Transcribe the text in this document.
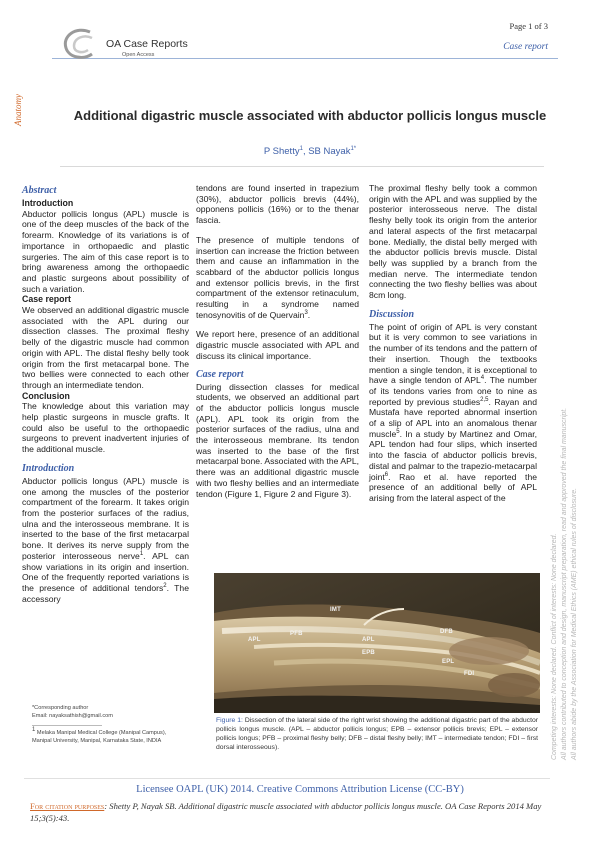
Page 1 of 3
Case report
OA Case Reports
Open Access
Anatomy	Additional digastric muscle associated with abductor pollicis longus muscle
P Shetty$^1$, SB Nayak$^{1*}$
Abstract
Introduction

Abductor pollicis longus (APL) muscle is one of the deep muscles of the back of the forearm. Knowledge of its variations is of importance in orthopaedic and plastic surgeries. The aim of this case report is to bring awareness among the orthopaedic and plastic surgeons about possibility of such a variation.

Case report

We observed an additional digastric muscle associated with the APL during our dissection classes. The proximal fleshy belly of the digastric muscle had common origin with APL. The distal fleshy belly took origin from the first metacarpal bone. The two bellies were connected to each other through an intermediate tendon.

Conclusion

The knowledge about this variation may help plastic surgeons in muscle grafts. It could also be useful to the orthopaedic surgeons to prevent inadvertent injuries of the additional muscle.

Introduction

Abductor pollicis longus (APL) muscle is one among the muscles of the posterior compartment of the forearm. It takes origin from the posterior surfaces of the radius, ulna and the interosseous membrane. It is inserted to the base of the first metacarpal bone. It derives its nerve supply from the posterior interosseous nerve$^1$. APL can show variations in its origin and insertion. One of the frequently reported variations is the presence of additional tendors$^2$. The accessory

*Corresponding author
Email: nayaksathish@gmail.com
$^1$ Melaka Manipal Medical College (Manipal Campus), Manipal University, Manipal, Karnataka State, INDIA

tendons are found inserted in trapezium (30%), abductor pollicis brevis (44%), opponens pollicis (16%) or to the thenar fascia.

The presence of multiple tendons of insertion can increase the friction between them and cause an inflammation in the scabbard of the abductor pollicis longus and extensor pollicis brevis, in the first compartment of the extensor retinaculum, resulting in a syndrome named tenosynovitis of de Quervain$^3$.

We report here, presence of an additional digastric muscle associated with APL and discuss its clinical importance.

Case report

During dissection classes for medical students, we observed an additional part of the abductor pollicis longus muscle (APL). APL took its origin from the posterior surfaces of the radius, ulna and the interosseous membrane. Its tendon was inserted to the base of the first metacarpal bone. Associated with the APL, there was an additional digastric muscle with two fleshy bellies and an intermediate tendon (Figure 1, Figure 2 and Figure 3).

The proximal fleshy belly took a common origin with the APL and was supplied by the posterior interosseous nerve. The distal fleshy belly took its origin from the anterior and lateral aspects of the first metacarpal bone. Medially, the distal belly merged with the abductor pollicis brevis muscle. Distal belly was supplied by a branch from the median nerve. The intermediate tendon connecting the two fleshy bellies was about 8cm long.

Discussion

The point of origin of APL is very constant but it is very common to see variations in the number of its tendons and the pattern of their insertion. Though the textbooks mention a single tendon, it is exceptional to have a single tendon of APL$^4$. The number of its tendons varies from one to nine as reported by previous studies$^{2,5}$. Rayan and Mustafa have reported abnormal insertion of a slip of APL into an anomalous thenar muscle$^5$. In a study by Martinez and Omar, APL tendon had four slips, which inserted into the fascia of abductor pollicis brevis, distal and palmar to the trapezio-metacarpal joint$^6$. Rao et al. have reported the presence of an additional belly of APL arising from the lateral aspect of the

IMT
APL
PFB
APL
DFB
EPB
EPL
FDI
Figure 1: Dissection of the lateral side of the right wrist showing the additional digastric part of the abductor pollicis longus muscle. (APL – abductor pollicis longus; EPB – extensor pollicis brevis; EPL – extensor pollicis longus; PFB – proximal fleshy belly; DFB – distal fleshy belly; IMT – intermediate tendon; FDI – first dorsal interosseous).	Competing interests: None declared. Conflict of interests: None declared. All authors contributed to conception and design, manuscript preparation, read and approved the final manuscript. All authors abide by the Association for Medical Ethics (AME) ethical rules of disclosure.
Licensee OAPL (UK) 2014. Creative Commons Attribution License (CC-BY)
For citation purposes: Shetty P, Nayak SB. Additional digastric muscle associated with abductor pollicis longus muscle. OA Case Reports 2014 May 15;3(5):43.
